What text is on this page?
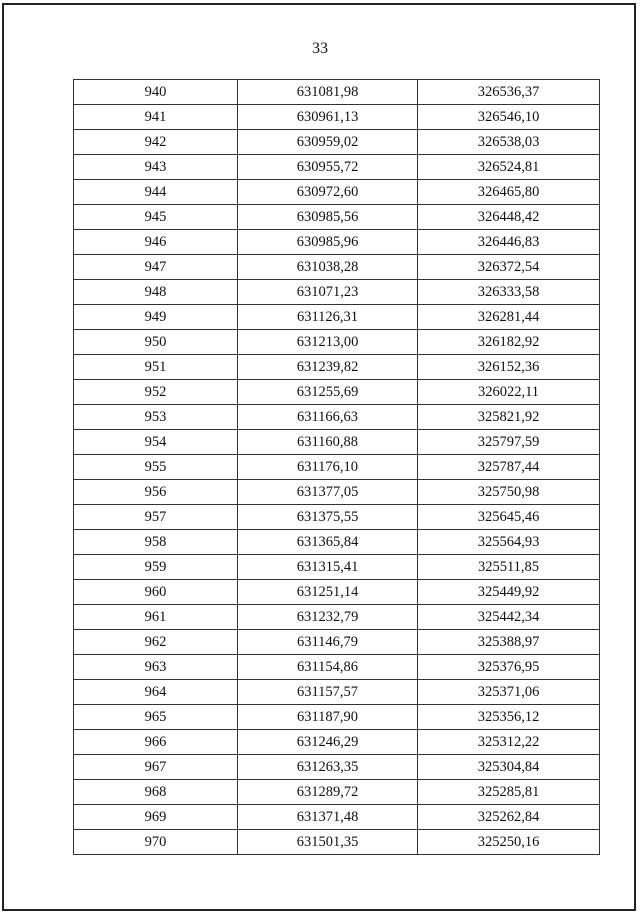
33
940	631081,98	326536,37
941	630961,13	326546,10
942	630959,02	326538,03
943	630955,72	326524,81
944	630972,60	326465,80
945	630985,56	326448,42
946	630985,96	326446,83
947	631038,28	326372,54
948	631071,23	326333,58
949	631126,31	326281,44
950	631213,00	326182,92
951	631239,82	326152,36
952	631255,69	326022,11
953	631166,63	325821,92
954	631160,88	325797,59
955	631176,10	325787,44
956	631377,05	325750,98
957	631375,55	325645,46
958	631365,84	325564,93
959	631315,41	325511,85
960	631251,14	325449,92
961	631232,79	325442,34
962	631146,79	325388,97
963	631154,86	325376,95
964	631157,57	325371,06
965	631187,90	325356,12
966	631246,29	325312,22
967	631263,35	325304,84
968	631289,72	325285,81
969	631371,48	325262,84
970	631501,35	325250,16
